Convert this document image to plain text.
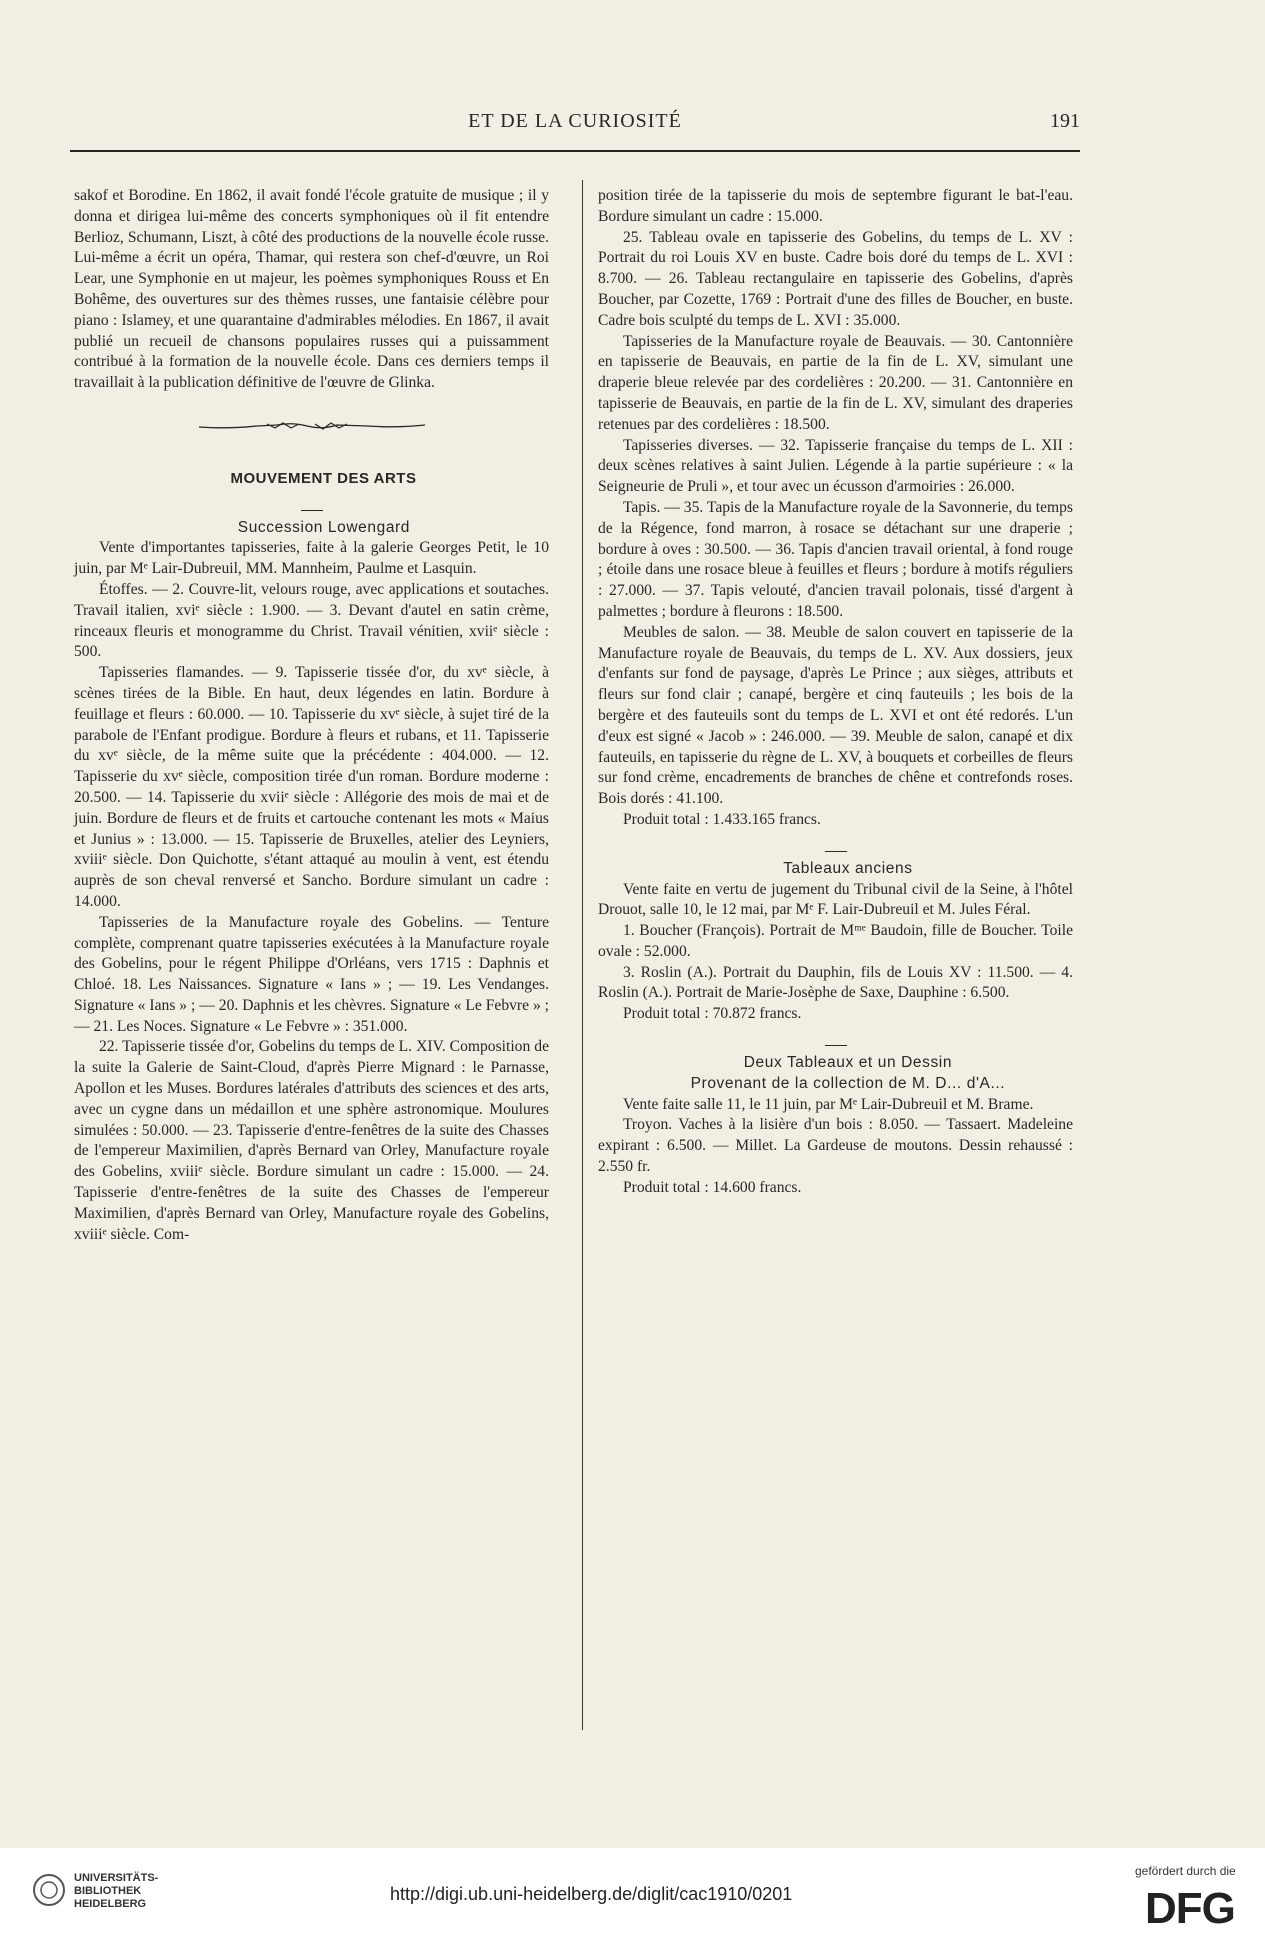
ET DE LA CURIOSITÉ	191

sakof et Borodine. En 1862, il avait fondé l'école gratuite de musique ; il y donna et dirigea lui-même des concerts symphoniques où il fit entendre Berlioz, Schumann, Liszt, à côté des productions de la nouvelle école russe. Lui-même a écrit un opéra, Thamar, qui restera son chef-d'œuvre, un Roi Lear, une Symphonie en ut majeur, les poèmes symphoniques Rouss et En Bohême, des ouvertures sur des thèmes russes, une fantaisie célèbre pour piano : Islamey, et une quarantaine d'admirables mélodies. En 1867, il avait publié un recueil de chansons populaires russes qui a puissamment contribué à la formation de la nouvelle école. Dans ces derniers temps il travaillait à la publication définitive de l'œuvre de Glinka.

MOUVEMENT DES ARTS

Succession Lowengard

Vente d'importantes tapisseries, faite à la galerie Georges Petit, le 10 juin, par Mᵉ Lair-Dubreuil, MM. Mannheim, Paulme et Lasquin.

Étoffes. — 2. Couvre-lit, velours rouge, avec applications et soutaches. Travail italien, xviᵉ siècle : 1.900. — 3. Devant d'autel en satin crème, rinceaux fleuris et monogramme du Christ. Travail vénitien, xviiᵉ siècle : 500.

Tapisseries flamandes. — 9. Tapisserie tissée d'or, du xvᵉ siècle, à scènes tirées de la Bible. En haut, deux légendes en latin. Bordure à feuillage et fleurs : 60.000. — 10. Tapisserie du xvᵉ siècle, à sujet tiré de la parabole de l'Enfant prodigue. Bordure à fleurs et rubans, et 11. Tapisserie du xvᵉ siècle, de la même suite que la précédente : 404.000. — 12. Tapisserie du xvᵉ siècle, composition tirée d'un roman. Bordure moderne : 20.500. — 14. Tapisserie du xviiᵉ siècle : Allégorie des mois de mai et de juin. Bordure de fleurs et de fruits et cartouche contenant les mots « Maius et Junius » : 13.000. — 15. Tapisserie de Bruxelles, atelier des Leyniers, xviiiᵉ siècle. Don Quichotte, s'étant attaqué au moulin à vent, est étendu auprès de son cheval renversé et Sancho. Bordure simulant un cadre : 14.000.

Tapisseries de la Manufacture royale des Gobelins. — Tenture complète, comprenant quatre tapisseries exécutées à la Manufacture royale des Gobelins, pour le régent Philippe d'Orléans, vers 1715 : Daphnis et Chloé. 18. Les Naissances. Signature « Ians » ; — 19. Les Vendanges. Signature « Ians » ; — 20. Daphnis et les chèvres. Signature « Le Febvre » ; — 21. Les Noces. Signature « Le Febvre » : 351.000.

22. Tapisserie tissée d'or, Gobelins du temps de L. XIV. Composition de la suite la Galerie de Saint-Cloud, d'après Pierre Mignard : le Parnasse, Apollon et les Muses. Bordures latérales d'attributs des sciences et des arts, avec un cygne dans un médaillon et une sphère astronomique. Moulures simulées : 50.000. — 23. Tapisserie d'entre-fenêtres de la suite des Chasses de l'empereur Maximilien, d'après Bernard van Orley, Manufacture royale des Gobelins, xviiiᵉ siècle. Bordure simulant un cadre : 15.000. — 24. Tapisserie d'entre-fenêtres de la suite des Chasses de l'empereur Maximilien, d'après Bernard van Orley, Manufacture royale des Gobelins, xviiiᵉ siècle. Com-

position tirée de la tapisserie du mois de septembre figurant le bat-l'eau. Bordure simulant un cadre : 15.000.

25. Tableau ovale en tapisserie des Gobelins, du temps de L. XV : Portrait du roi Louis XV en buste. Cadre bois doré du temps de L. XVI : 8.700. — 26. Tableau rectangulaire en tapisserie des Gobelins, d'après Boucher, par Cozette, 1769 : Portrait d'une des filles de Boucher, en buste. Cadre bois sculpté du temps de L. XVI : 35.000.

Tapisseries de la Manufacture royale de Beauvais. — 30. Cantonnière en tapisserie de Beauvais, en partie de la fin de L. XV, simulant une draperie bleue relevée par des cordelières : 20.200. — 31. Cantonnière en tapisserie de Beauvais, en partie de la fin de L. XV, simulant des draperies retenues par des cordelières : 18.500.

Tapisseries diverses. — 32. Tapisserie française du temps de L. XII : deux scènes relatives à saint Julien. Légende à la partie supérieure : « la Seigneurie de Pruli », et tour avec un écusson d'armoiries : 26.000.

Tapis. — 35. Tapis de la Manufacture royale de la Savonnerie, du temps de la Régence, fond marron, à rosace se détachant sur une draperie ; bordure à oves : 30.500. — 36. Tapis d'ancien travail oriental, à fond rouge ; étoile dans une rosace bleue à feuilles et fleurs ; bordure à motifs réguliers : 27.000. — 37. Tapis velouté, d'ancien travail polonais, tissé d'argent à palmettes ; bordure à fleurons : 18.500.

Meubles de salon. — 38. Meuble de salon couvert en tapisserie de la Manufacture royale de Beauvais, du temps de L. XV. Aux dossiers, jeux d'enfants sur fond de paysage, d'après Le Prince ; aux sièges, attributs et fleurs sur fond clair ; canapé, bergère et cinq fauteuils ; les bois de la bergère et des fauteuils sont du temps de L. XVI et ont été redorés. L'un d'eux est signé « Jacob » : 246.000. — 39. Meuble de salon, canapé et dix fauteuils, en tapisserie du règne de L. XV, à bouquets et corbeilles de fleurs sur fond crème, encadrements de branches de chêne et contrefonds roses. Bois dorés : 41.100.

Produit total : 1.433.165 francs.

Tableaux anciens

Vente faite en vertu de jugement du Tribunal civil de la Seine, à l'hôtel Drouot, salle 10, le 12 mai, par Mᵉ F. Lair-Dubreuil et M. Jules Féral.

1. Boucher (François). Portrait de Mᵐᵉ Baudoin, fille de Boucher. Toile ovale : 52.000.

3. Roslin (A.). Portrait du Dauphin, fils de Louis XV : 11.500. — 4. Roslin (A.). Portrait de Marie-Josèphe de Saxe, Dauphine : 6.500.

Produit total : 70.872 francs.

Deux Tableaux et un Dessin

Provenant de la collection de M. D... d'A...

Vente faite salle 11, le 11 juin, par Mᵉ Lair-Dubreuil et M. Brame.

Troyon. Vaches à la lisière d'un bois : 8.050. — Tassaert. Madeleine expirant : 6.500. — Millet. La Gardeuse de moutons. Dessin rehaussé : 2.550 fr.

Produit total : 14.600 francs.

UNIVERSITÄTS-
BIBLIOTHEK
HEIDELBERG	http://digi.ub.uni-heidelberg.de/diglit/cac1910/0201
gefördert durch die
DFG
